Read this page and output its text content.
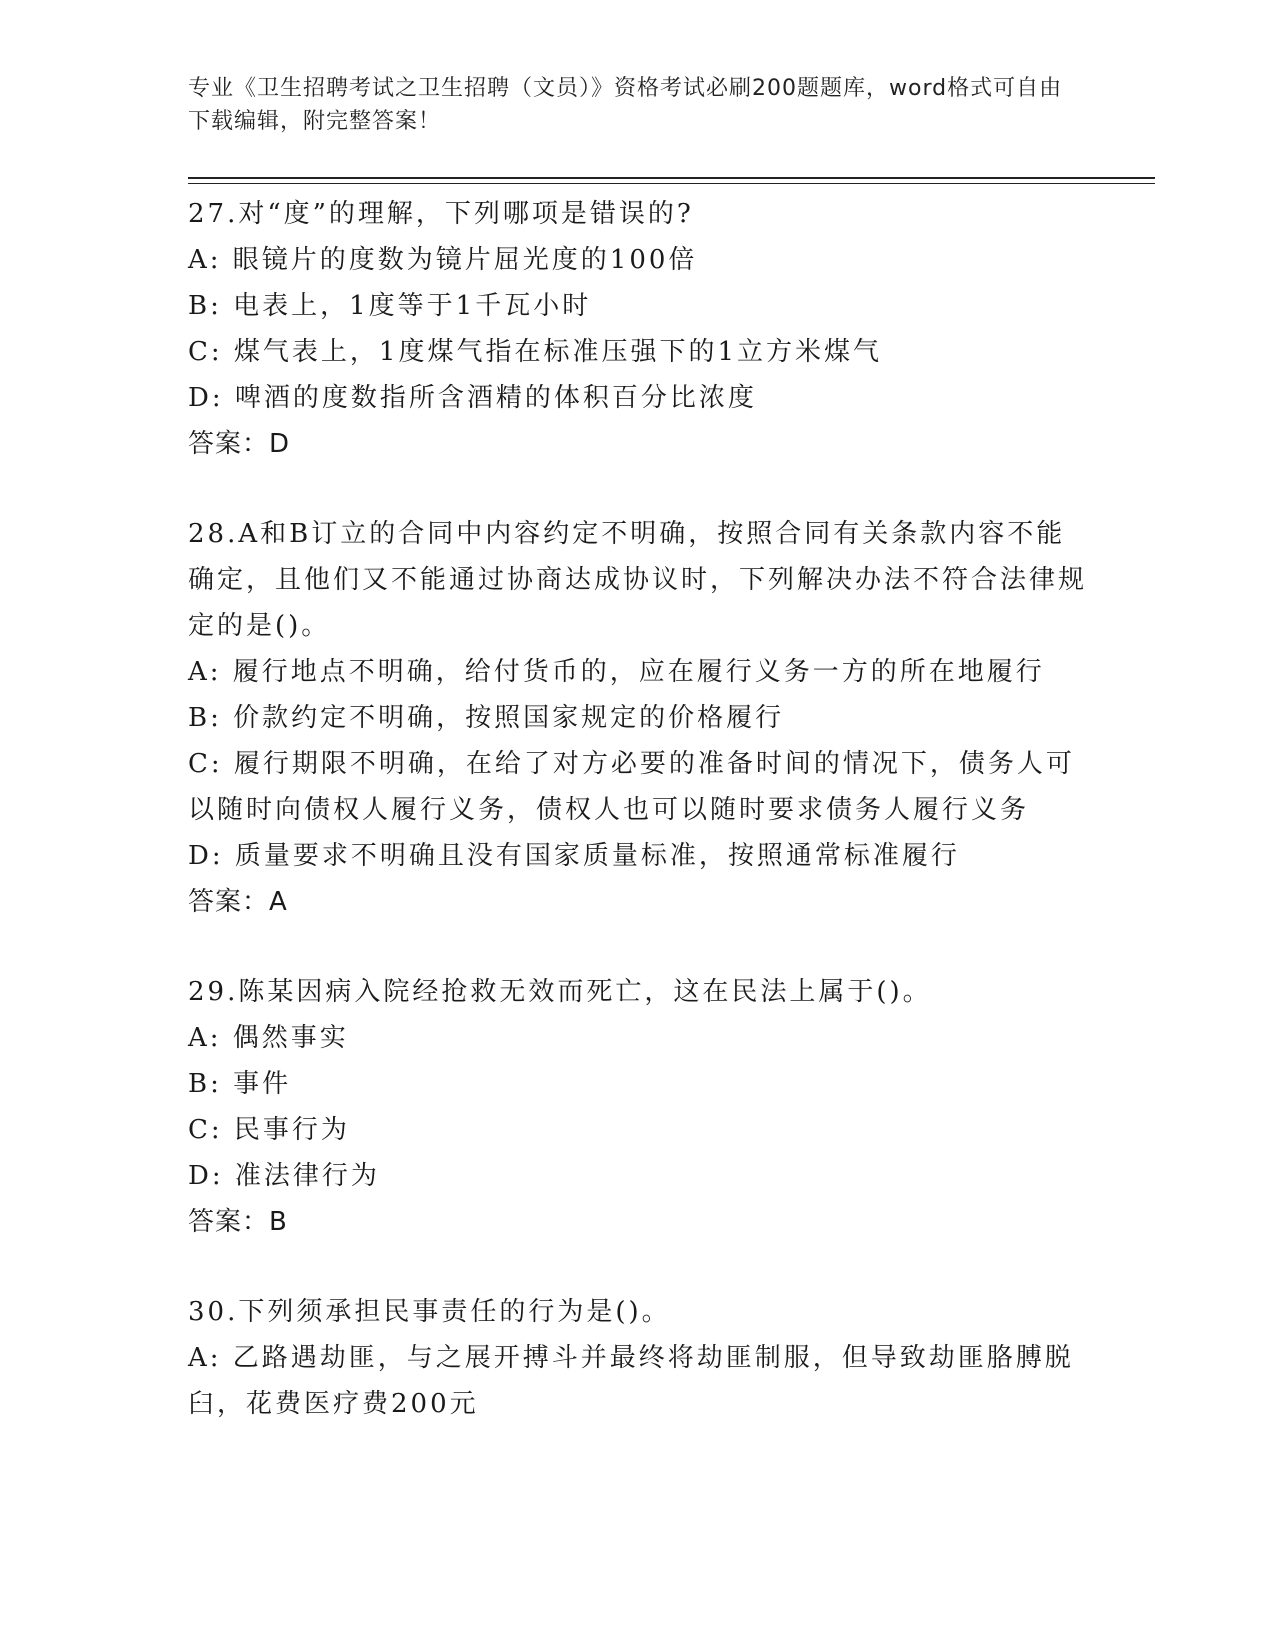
专业《卫生招聘考试之卫生招聘（文员）》资格考试必刷200题题库，word格式可自由下载编辑，附完整答案！
27.对“度”的理解，下列哪项是错误的?
A: 眼镜片的度数为镜片屈光度的100倍
B: 电表上，1度等于1千瓦小时
C: 煤气表上，1度煤气指在标准压强下的1立方米煤气
D: 啤酒的度数指所含酒精的体积百分比浓度
答案：D
28.A和B订立的合同中内容约定不明确，按照合同有关条款内容不能确定，且他们又不能通过协商达成协议时，下列解决办法不符合法律规定的是()。
A: 履行地点不明确，给付货币的，应在履行义务一方的所在地履行
B: 价款约定不明确，按照国家规定的价格履行
C: 履行期限不明确，在给了对方必要的准备时间的情况下，债务人可以随时向债权人履行义务，债权人也可以随时要求债务人履行义务
D: 质量要求不明确且没有国家质量标准，按照通常标准履行
答案：A
29.陈某因病入院经抢救无效而死亡，这在民法上属于()。
A: 偶然事实
B: 事件
C: 民事行为
D: 准法律行为
答案：B
30.下列须承担民事责任的行为是()。
A: 乙路遇劫匪，与之展开搏斗并最终将劫匪制服，但导致劫匪胳膊脱臼，花费医疗费200元
